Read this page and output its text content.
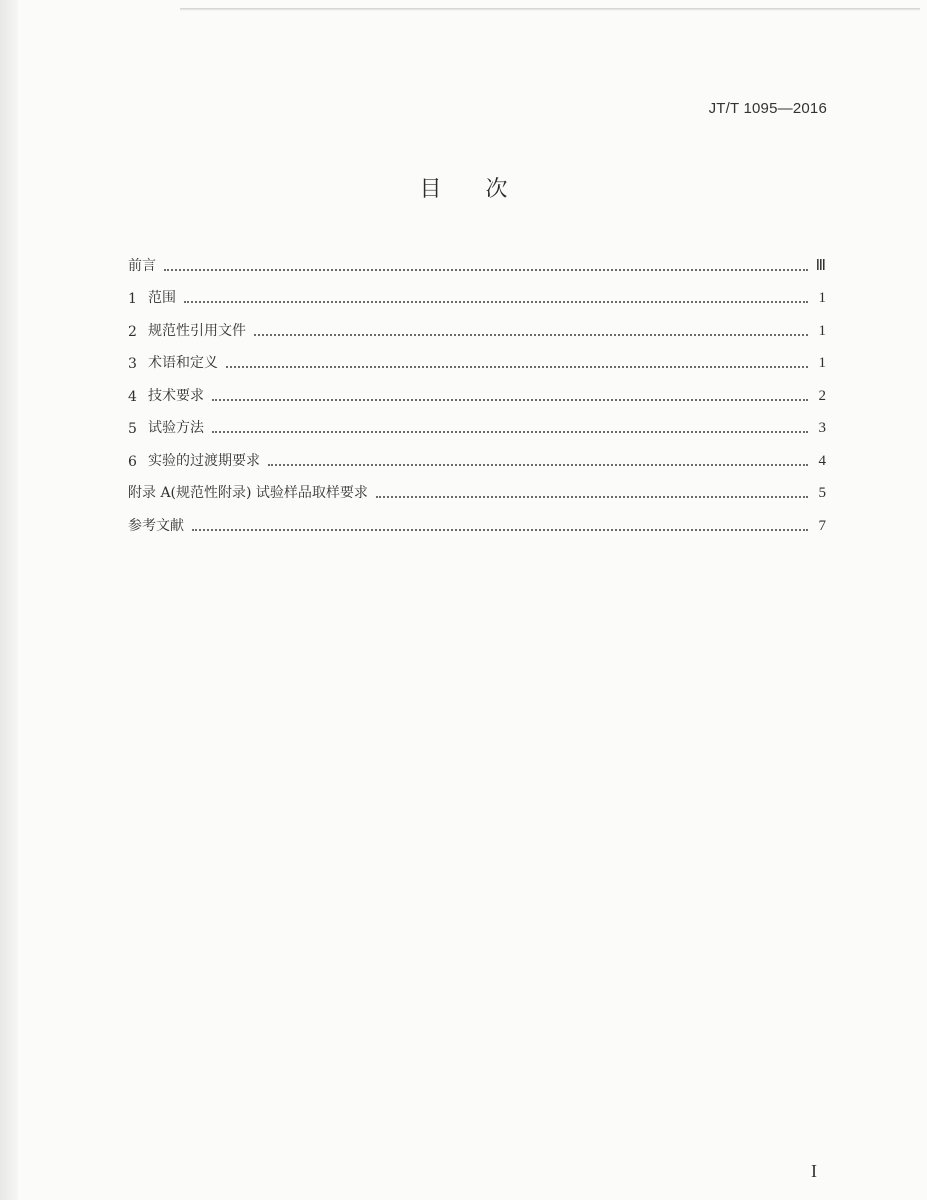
JT/T 1095—2016
目次
前言	Ⅲ
1 范围	1
2 规范性引用文件	1
3 术语和定义	1
4 技术要求	2
5 试验方法	3
6 实验的过渡期要求	4
附录 A(规范性附录) 试验样品取样要求	5
参考文献	7
I
